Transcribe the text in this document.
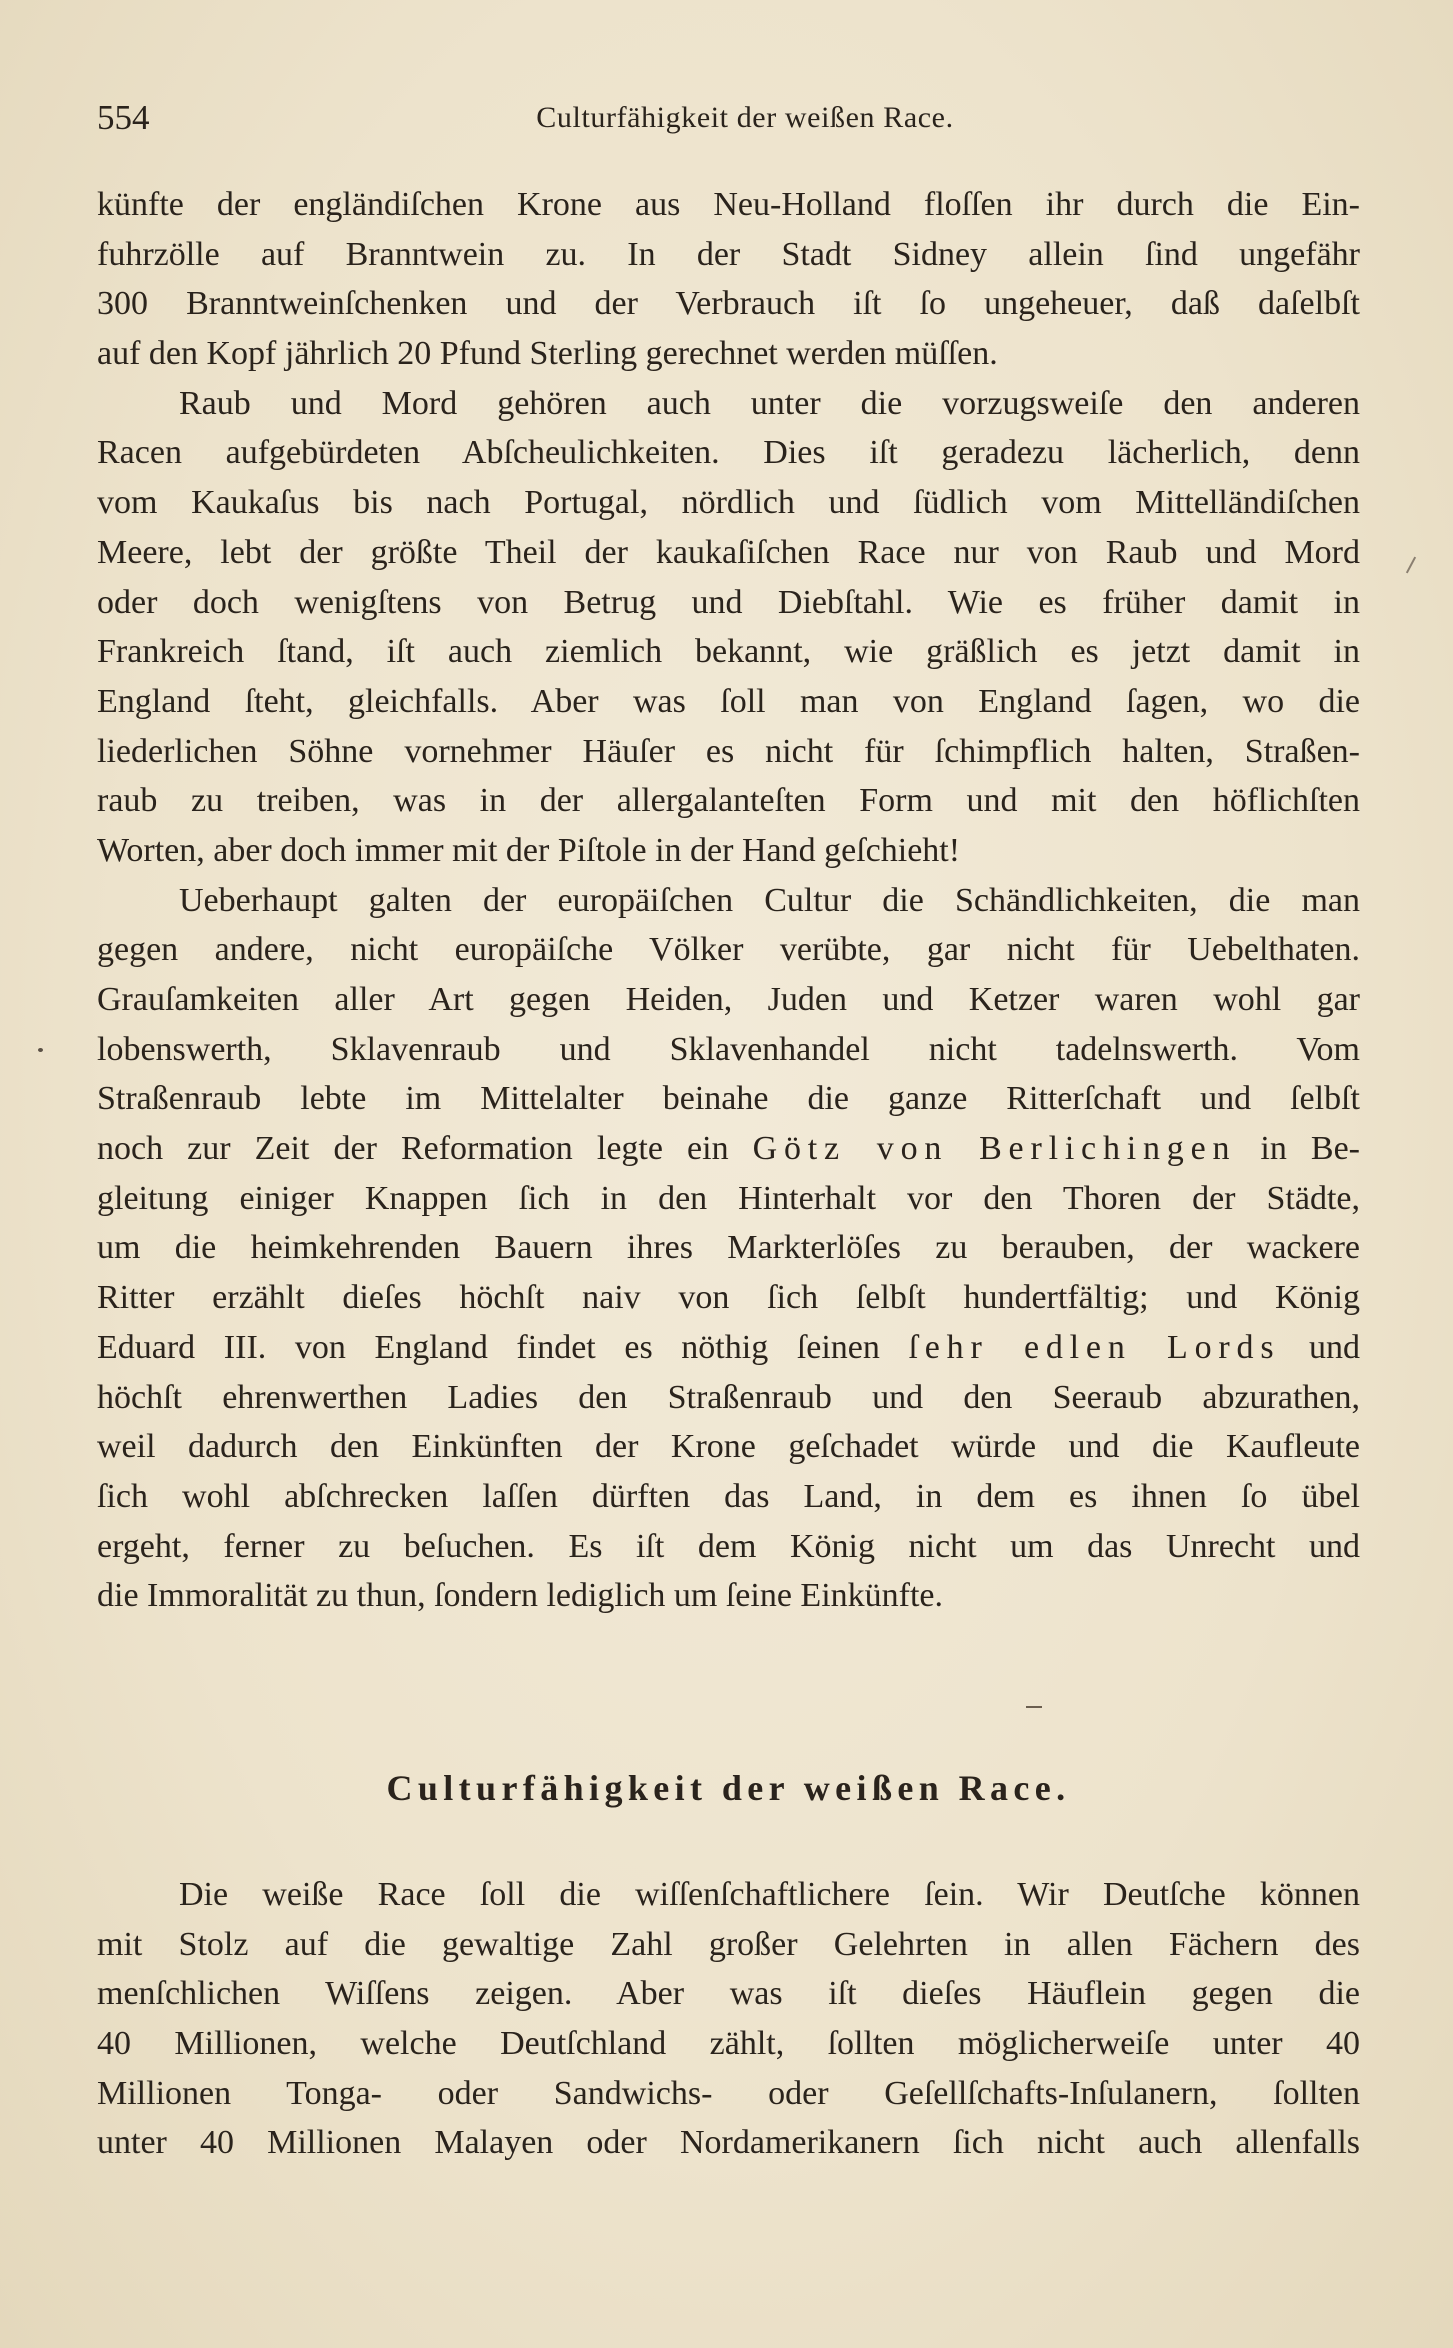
554	Culturfähigkeit der weißen Race.
künfte der engländiſchen Krone aus Neu-Holland floſſen ihr durch die Ein-
fuhrzölle auf Branntwein zu. In der Stadt Sidney allein ſind ungefähr
300 Branntweinſchenken und der Verbrauch iſt ſo ungeheuer, daß daſelbſt
auf den Kopf jährlich 20 Pfund Sterling gerechnet werden müſſen.
Raub und Mord gehören auch unter die vorzugsweiſe den anderen
Racen aufgebürdeten Abſcheulichkeiten. Dies iſt geradezu lächerlich, denn
vom Kaukaſus bis nach Portugal, nördlich und ſüdlich vom Mittelländiſchen
Meere, lebt der größte Theil der kaukaſiſchen Race nur von Raub und Mord
oder doch wenigſtens von Betrug und Diebſtahl. Wie es früher damit in
Frankreich ſtand, iſt auch ziemlich bekannt, wie gräßlich es jetzt damit in
England ſteht, gleichfalls. Aber was ſoll man von England ſagen, wo die
liederlichen Söhne vornehmer Häuſer es nicht für ſchimpflich halten, Straßen-
raub zu treiben, was in der allergalanteſten Form und mit den höflichſten
Worten, aber doch immer mit der Piſtole in der Hand geſchieht!
Ueberhaupt galten der europäiſchen Cultur die Schändlichkeiten, die man
gegen andere, nicht europäiſche Völker verübte, gar nicht für Uebelthaten.
Grauſamkeiten aller Art gegen Heiden, Juden und Ketzer waren wohl gar
lobenswerth, Sklavenraub und Sklavenhandel nicht tadelnswerth. Vom
Straßenraub lebte im Mittelalter beinahe die ganze Ritterſchaft und ſelbſt
noch zur Zeit der Reformation legte ein Götz von Berlichingen in Be-
gleitung einiger Knappen ſich in den Hinterhalt vor den Thoren der Städte,
um die heimkehrenden Bauern ihres Markterlöſes zu berauben, der wackere
Ritter erzählt dieſes höchſt naiv von ſich ſelbſt hundertfältig; und König
Eduard III. von England findet es nöthig ſeinen ſehr edlen Lords und
höchſt ehrenwerthen Ladies den Straßenraub und den Seeraub abzurathen,
weil dadurch den Einkünften der Krone geſchadet würde und die Kaufleute
ſich wohl abſchrecken laſſen dürften das Land, in dem es ihnen ſo übel
ergeht, ferner zu beſuchen. Es iſt dem König nicht um das Unrecht und
die Immoralität zu thun, ſondern lediglich um ſeine Einkünfte.
Culturfähigkeit der weißen Race.
Die weiße Race ſoll die wiſſenſchaftlichere ſein. Wir Deutſche können
mit Stolz auf die gewaltige Zahl großer Gelehrten in allen Fächern des
menſchlichen Wiſſens zeigen. Aber was iſt dieſes Häuflein gegen die
40 Millionen, welche Deutſchland zählt, ſollten möglicherweiſe unter 40
Millionen Tonga- oder Sandwichs- oder Geſellſchafts-Inſulanern, ſollten
unter 40 Millionen Malayen oder Nordamerikanern ſich nicht auch allenfalls
